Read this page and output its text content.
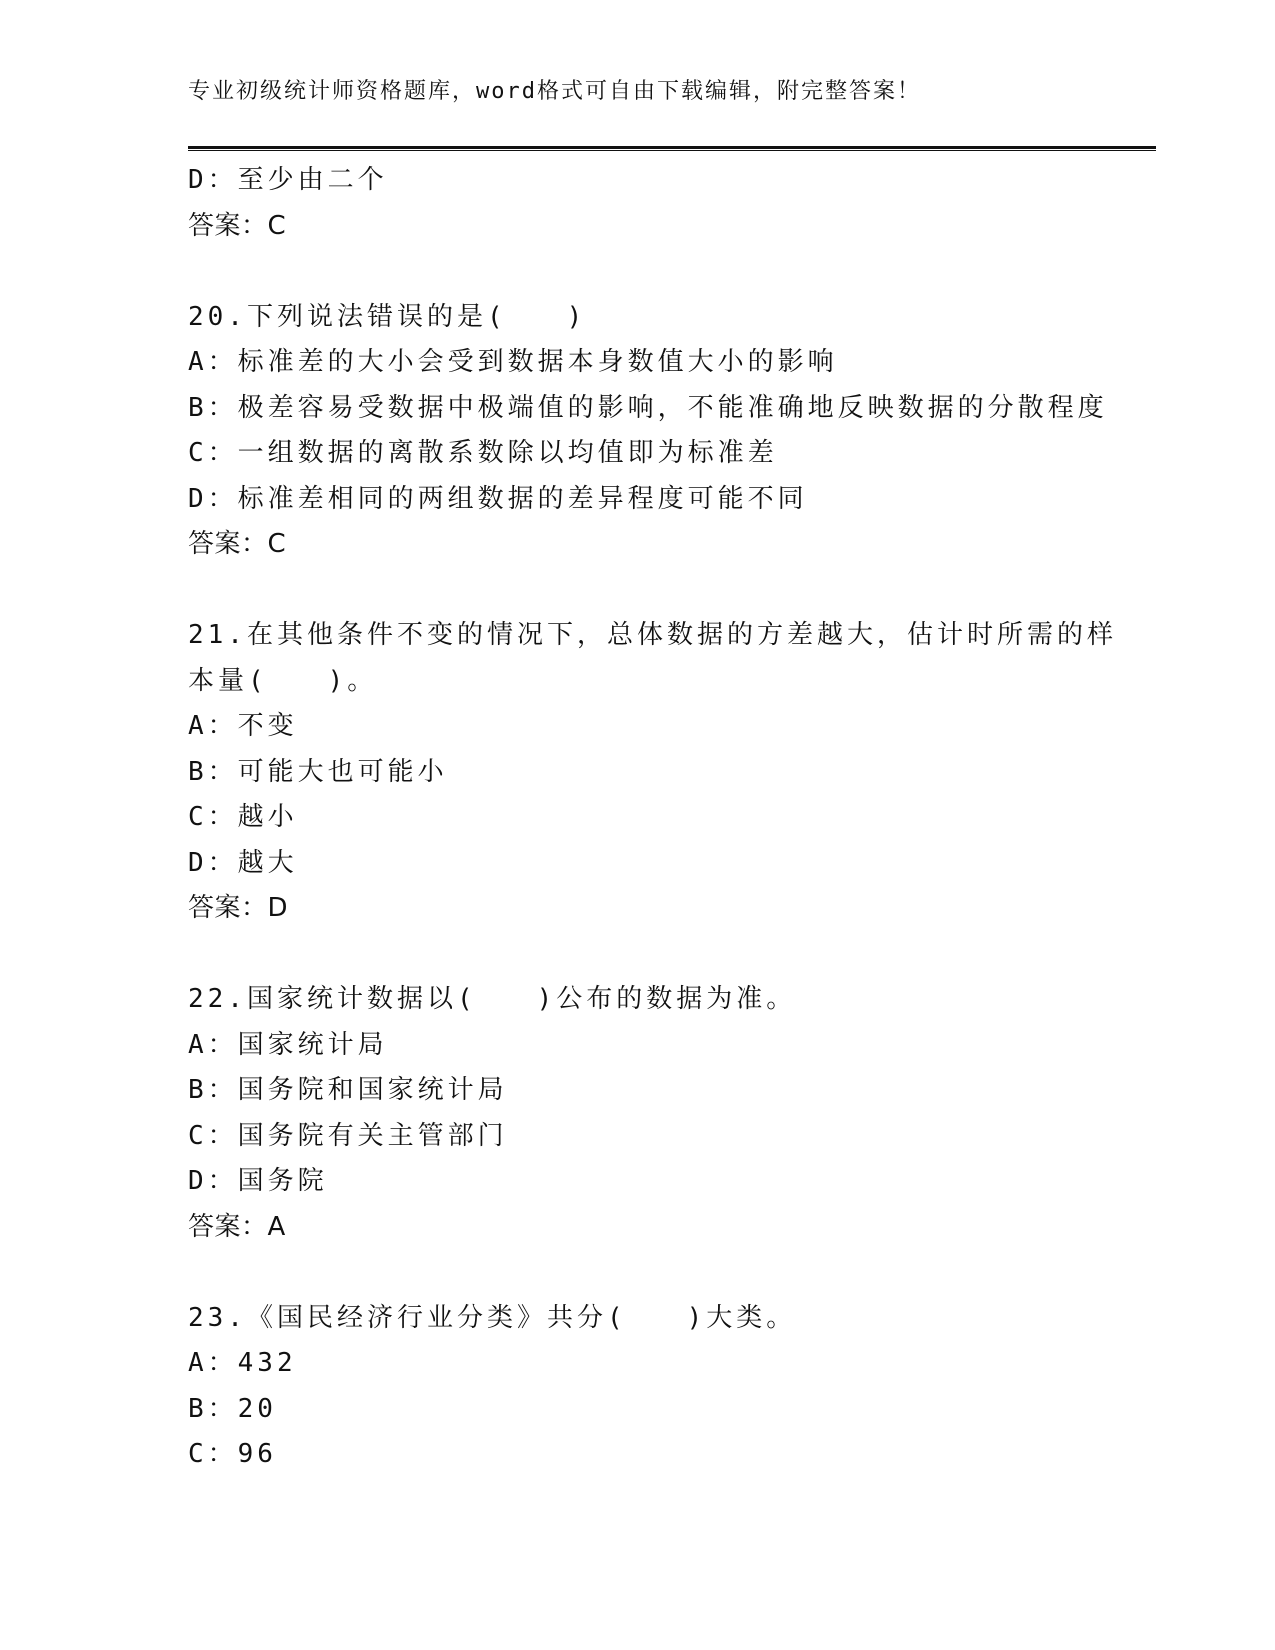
专业初级统计师资格题库，word格式可自由下载编辑，附完整答案！
D：至少由二个
答案：C
20.下列说法错误的是(　　)
A：标准差的大小会受到数据本身数值大小的影响
B：极差容易受数据中极端值的影响，不能准确地反映数据的分散程度
C：一组数据的离散系数除以均值即为标准差
D：标准差相同的两组数据的差异程度可能不同
答案：C
21.在其他条件不变的情况下，总体数据的方差越大，估计时所需的样
本量(　　)。
A：不变
B：可能大也可能小
C：越小
D：越大
答案：D
22.国家统计数据以(　　)公布的数据为准。
A：国家统计局
B：国务院和国家统计局
C：国务院有关主管部门
D：国务院
答案：A
23.《国民经济行业分类》共分(　　)大类。
A：432
B：20
C：96
